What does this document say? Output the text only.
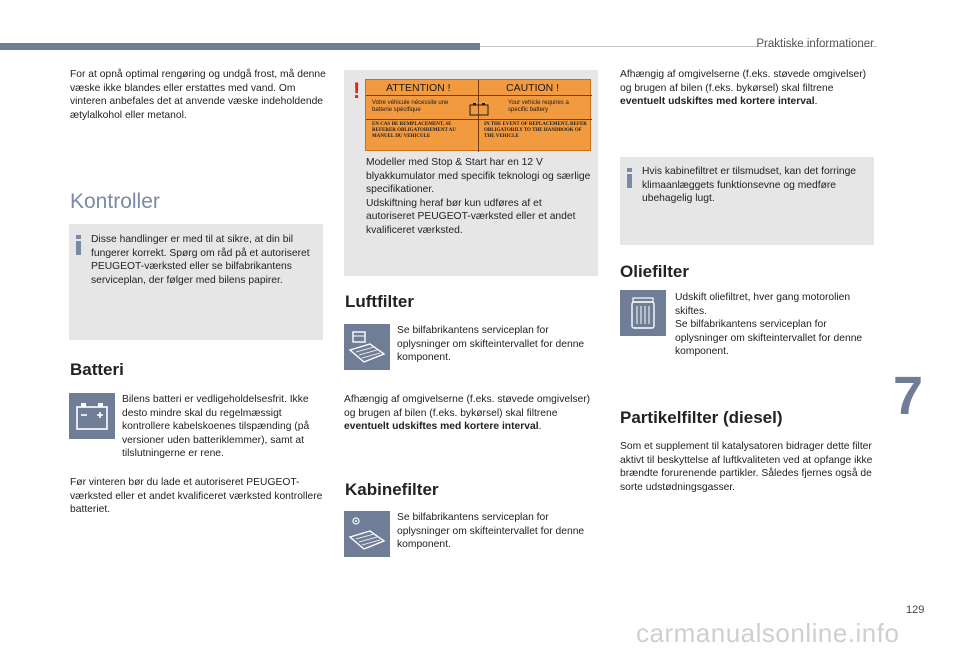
Praktiske informationer
For at opnå optimal rengøring og undgå frost, må denne væske ikke blandes eller erstattes med vand. Om vinteren anbefales det at anvende væske indeholdende ætylalkohol eller metanol.
Kontroller
Disse handlinger er med til at sikre, at din bil fungerer korrekt. Spørg om råd på et autoriseret PEUGEOT-værksted eller se bilfabrikantens serviceplan, der følger med bilens papirer.
Batteri
Bilens batteri er vedligeholdelsesfrit. Ikke desto mindre skal du regelmæssigt kontrollere kabelskoenes tilspænding (på versioner uden batteriklemmer), samt at tilslutningerne er rene.
Før vinteren bør du lade et autoriseret PEUGEOT-værksted eller et andet kvalificeret værksted kontrollere batteriet.
Modeller med Stop & Start har en 12 V blyakkumulator med specifik teknologi og særlige specifikationer.
Udskiftning heraf bør kun udføres af et autoriseret PEUGEOT-værksted eller et andet kvalificeret værksted.
! ATTENTION !	CAUTION !
Votre véhicule nécessite une batterie spécifique
Your vehicle requires a specific battery
EN CAS DE REMPLACEMENT, SE REFERER OBLIGATOIREMENT AU MANUEL DU VEHICULE
IN THE EVENT OF REPLACEMENT, REFER OBLIGATORILY TO THE HANDBOOK OF THE VEHICLE
Luftfilter
Se bilfabrikantens serviceplan for oplysninger om skifteintervallet for denne komponent.
Afhængig af omgivelserne (f.eks. støvede omgivelser) og brugen af bilen (f.eks. bykørsel) skal filtrene eventuelt udskiftes med kortere interval.
Kabinefilter
Se bilfabrikantens serviceplan for oplysninger om skifteintervallet for denne komponent.
Afhængig af omgivelserne (f.eks. støvede omgivelser) og brugen af bilen (f.eks. bykørsel) skal filtrene eventuelt udskiftes med kortere interval.
Hvis kabinefiltret er tilsmudset, kan det forringe klimaanlæggets funktionsevne og medføre ubehagelig lugt.
Oliefilter
Udskift oliefiltret, hver gang motorolien skiftes.
Se bilfabrikantens serviceplan for oplysninger om skifteintervallet for denne komponent.
Partikelfilter (diesel)
Som et supplement til katalysatoren bidrager dette filter aktivt til beskyttelse af luftkvaliteten ved at opfange ikke brændte forurenende partikler. Således fjernes også de sorte udstødningsgasser.
7
129
carmanualsonline.info
